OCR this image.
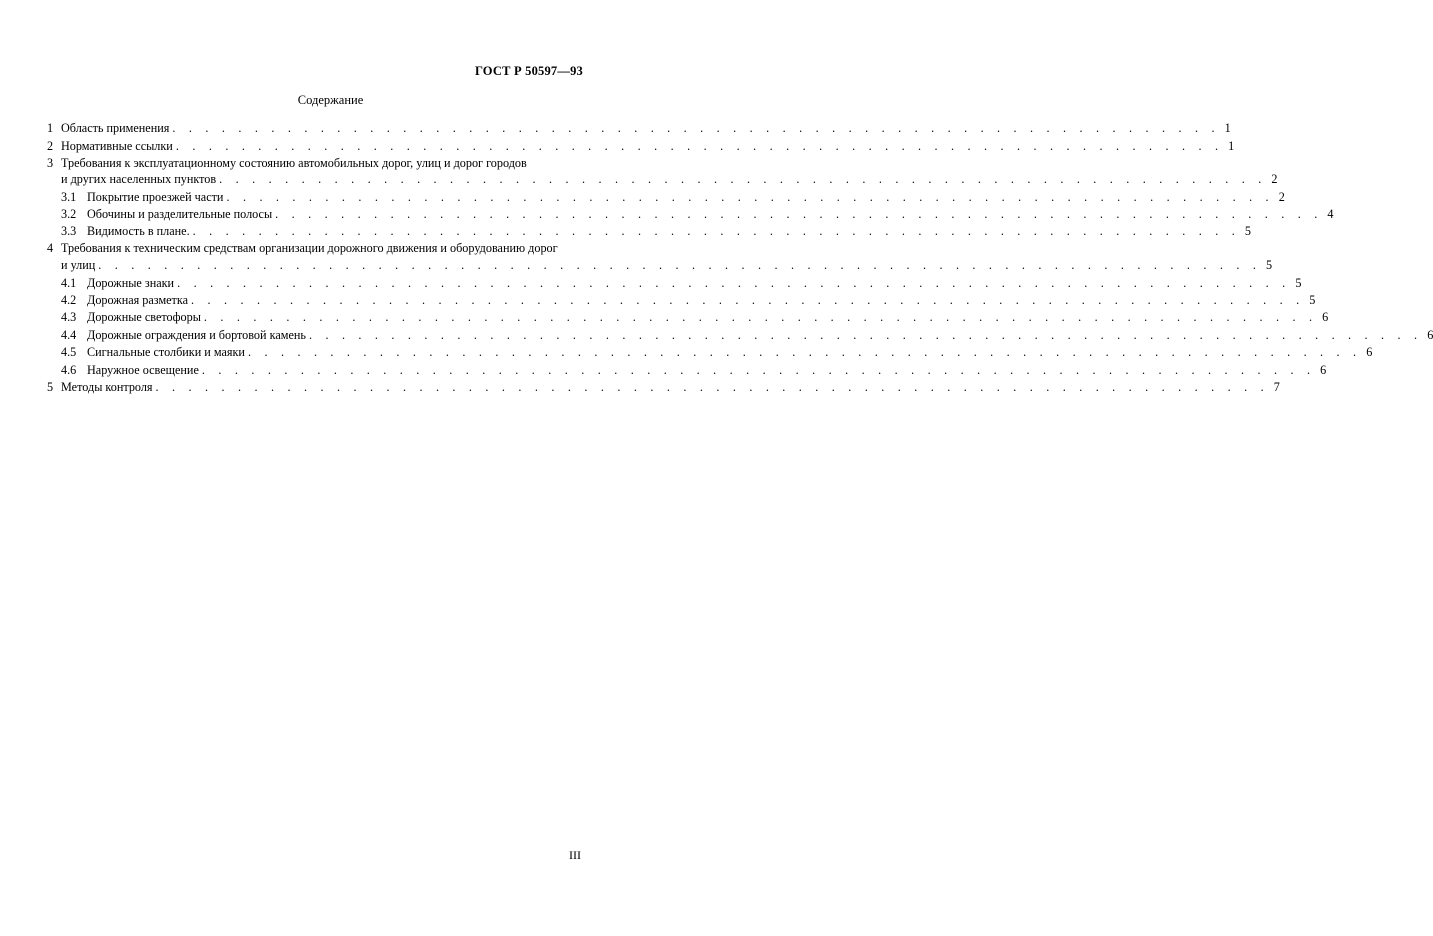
ГОСТ Р 50597—93
Содержание
1 Область применения . . . . . . . . . . . . . . . . . . . . . . . . . . . . . . . . . . . . . . . . . . . . . . . . . . . . . . . . . . . . . . . . 1
2 Нормативные ссылки . . . . . . . . . . . . . . . . . . . . . . . . . . . . . . . . . . . . . . . . . . . . . . . . . . . . . . . . . . . . . . . . 1
3 Требования к эксплуатационному состоянию автомобильных дорог, улиц и дорог городов
и других населенных пунктов . . . . . . . . . . . . . . . . . . . . . . . . . . . . . . . . . . . . . . . . . . . . . . . . . . . . . . . . . . . . . . . . 2
3.1 Покрытие проезжей части . . . . . . . . . . . . . . . . . . . . . . . . . . . . . . . . . . . . . . . . . . . . . . . . . . . . . . . . . . . . . . . . 2
3.2 Обочины и разделительные полосы . . . . . . . . . . . . . . . . . . . . . . . . . . . . . . . . . . . . . . . . . . . . . . . . . . . . . . . . . . . . . . . . 4
3.3 Видимость в плане. . . . . . . . . . . . . . . . . . . . . . . . . . . . . . . . . . . . . . . . . . . . . . . . . . . . . . . . . . . . . . . . . 5
4 Требования к техническим средствам организации дорожного движения и оборудованию дорог
и улиц . . . . . . . . . . . . . . . . . . . . . . . . . . . . . . . . . . . . . . . . . . . . . . . . . . . . . . . . . . . . . . . . . . . . . . . 5
4.1 Дорожные знаки . . . . . . . . . . . . . . . . . . . . . . . . . . . . . . . . . . . . . . . . . . . . . . . . . . . . . . . . . . . . . . . . . . . . 5
4.2 Дорожная разметка . . . . . . . . . . . . . . . . . . . . . . . . . . . . . . . . . . . . . . . . . . . . . . . . . . . . . . . . . . . . . . . . . . . . 5
4.3 Дорожные светофоры . . . . . . . . . . . . . . . . . . . . . . . . . . . . . . . . . . . . . . . . . . . . . . . . . . . . . . . . . . . . . . . . . . . . 6
4.4 Дорожные ограждения и бортовой камень . . . . . . . . . . . . . . . . . . . . . . . . . . . . . . . . . . . . . . . . . . . . . . . . . . . . . . . . . . . . . . . . . . . . 6
4.5 Сигнальные столбики и маяки . . . . . . . . . . . . . . . . . . . . . . . . . . . . . . . . . . . . . . . . . . . . . . . . . . . . . . . . . . . . . . . . . . . . 6
4.6 Наружное освещение . . . . . . . . . . . . . . . . . . . . . . . . . . . . . . . . . . . . . . . . . . . . . . . . . . . . . . . . . . . . . . . . . . . . 6
5 Методы контроля . . . . . . . . . . . . . . . . . . . . . . . . . . . . . . . . . . . . . . . . . . . . . . . . . . . . . . . . . . . . . . . . . . . . 7
III
